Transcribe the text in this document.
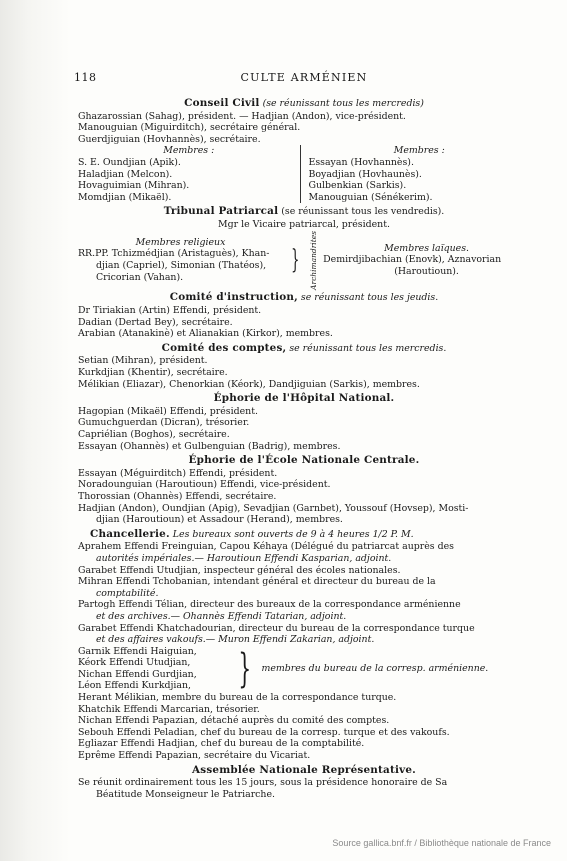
118	CULTE ARMÉNIEN
Conseil Civil (se réunissant tous les mercredis)
Ghazarossian (Sahag), président. — Hadjian (Andon), vice-président.
Manouguian (Miguirditch), secrétaire général.
Guerdjiguian (Hovhannès), secrétaire.
Membres :
S. E. Oundjian (Apik).
Haladjian (Melcon).
Hovaguimian (Mihran).
Momdjian (Mikaël).
Membres :
Essayan (Hovhannès).
Boyadjian (Hovhaunès).
Gulbenkian (Sarkis).
Manouguian (Sénékerim).
Tribunal Patriarcal (se réunissant tous les vendredis).
Mgr le Vicaire patriarcal, président.
Membres religieux
RR.PP. Tchizmédjian (Aristaguès), Khan-
djian (Capriel), Simonian (Thatéos),
Cricorian (Vahan).
} Archimandrites	Membres laïques.
Demirdjibachian (Enovk), Aznavorian
(Haroutioun).
Comité d'instruction, se réunissant tous les jeudis.
Dr Tiriakian (Artin) Effendi, président.
Dadian (Dertad Bey), secrétaire.
Arabian (Atanakinè) et Alianakian (Kirkor), membres.
Comité des comptes, se réunissant tous les mercredis.
Setian (Mihran), président.
Kurkdjian (Khentir), secrétaire.
Mélikian (Eliazar), Chenorkian (Kéork), Dandjiguian (Sarkis), membres.
Éphorie de l'Hôpital National.
Hagopian (Mikaël) Effendi, président.
Gumuchguerdan (Dicran), trésorier.
Capriélian (Boghos), secrétaire.
Essayan (Ohannès) et Gulbenguian (Badrig), membres.
Éphorie de l'École Nationale Centrale.
Essayan (Méguirditch) Effendi, président.
Noradounguian (Haroutioun) Effendi, vice-président.
Thorossian (Ohannès) Effendi, secrétaire.
Hadjian (Andon), Oundjian (Apig), Sevadjian (Garnbet), Youssouf (Hovsep), Mosti-
djian (Haroutioun) et Assadour (Herand), membres.
Chancellerie. Les bureaux sont ouverts de 9 à 4 heures 1/2 P. M.
Aprahem Effendi Freinguian, Capou Kéhaya (Délégué du patriarcat auprès des
autorités impériales.— Haroutioun Effendi Kasparian, adjoint.
Garabet Effendi Utudjian, inspecteur général des écoles nationales.
Mihran Effendi Tchobanian, intendant général et directeur du bureau de la
comptabilité.
Partogh Effendi Télian, directeur des bureaux de la correspondance arménienne
et des archives.— Ohannès Effendi Tatarian, adjoint.
Garabet Effendi Khatchadourian, directeur du bureau de la correspondance turque
et des affaires vakoufs.— Muron Effendi Zakarian, adjoint.
Garnik Effendi Haiguian,
Kéork Effendi Utudjian,
Nichan Effendi Gurdjian,
Léon Effendi Kurkdjian,	} membres du bureau de la corresp. arménienne.
Herant Mélikian, membre du bureau de la correspondance turque.
Khatchik Effendi Marcarian, trésorier.
Nichan Effendi Papazian, détaché auprès du comité des comptes.
Sebouh Effendi Peladian, chef du bureau de la corresp. turque et des vakoufs.
Egliazar Effendi Hadjian, chef du bureau de la comptabilité.
Eprême Effendi Papazian, secrétaire du Vicariat.
Assemblée Nationale Représentative.
Se réunit ordinairement tous les 15 jours, sous la présidence honoraire de Sa
Béatitude Monseigneur le Patriarche.
Source gallica.bnf.fr / Bibliothèque nationale de France
